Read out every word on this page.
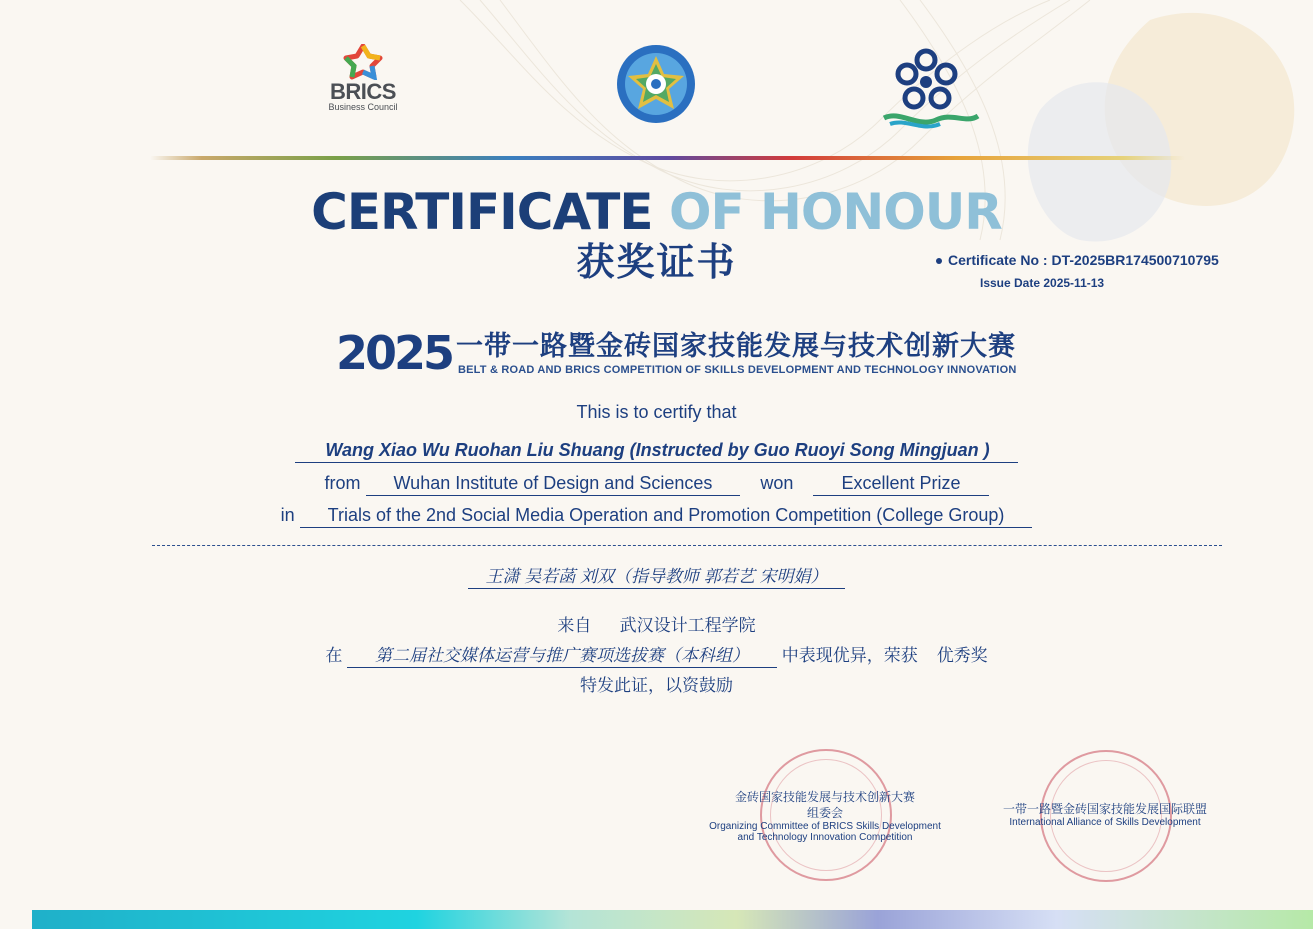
BRICS
Business Council
CERTIFICATE OF HONOUR
获奖证书	Certificate No : DT-2025BR174500710795
Issue Date 2025-11-13
2025 一带一路暨金砖国家技能发展与技术创新大赛
BELT & ROAD AND BRICS COMPETITION OF SKILLS DEVELOPMENT AND TECHNOLOGY INNOVATION
This is to certify that
Wang Xiao Wu Ruohan Liu Shuang (Instructed by Guo Ruoyi Song Mingjuan )
from Wuhan Institute of Design and Sciences	won	Excellent Prize
in Trials of the 2nd Social Media Operation and Promotion Competition (College Group)
王潇 吴若菡 刘双（指导教师 郭若艺 宋明娟）
来自 武汉设计工程学院
在 第二届社交媒体运营与推广赛项选拔赛（本科组） 中表现优异，荣获 优秀奖
特发此证，以资鼓励
金砖国家技能发展与技术创新大赛
组委会
Organizing Committee of BRICS Skills Development
and Technology Innovation Competition
一带一路暨金砖国家技能发展国际联盟
International Alliance of Skills Development
